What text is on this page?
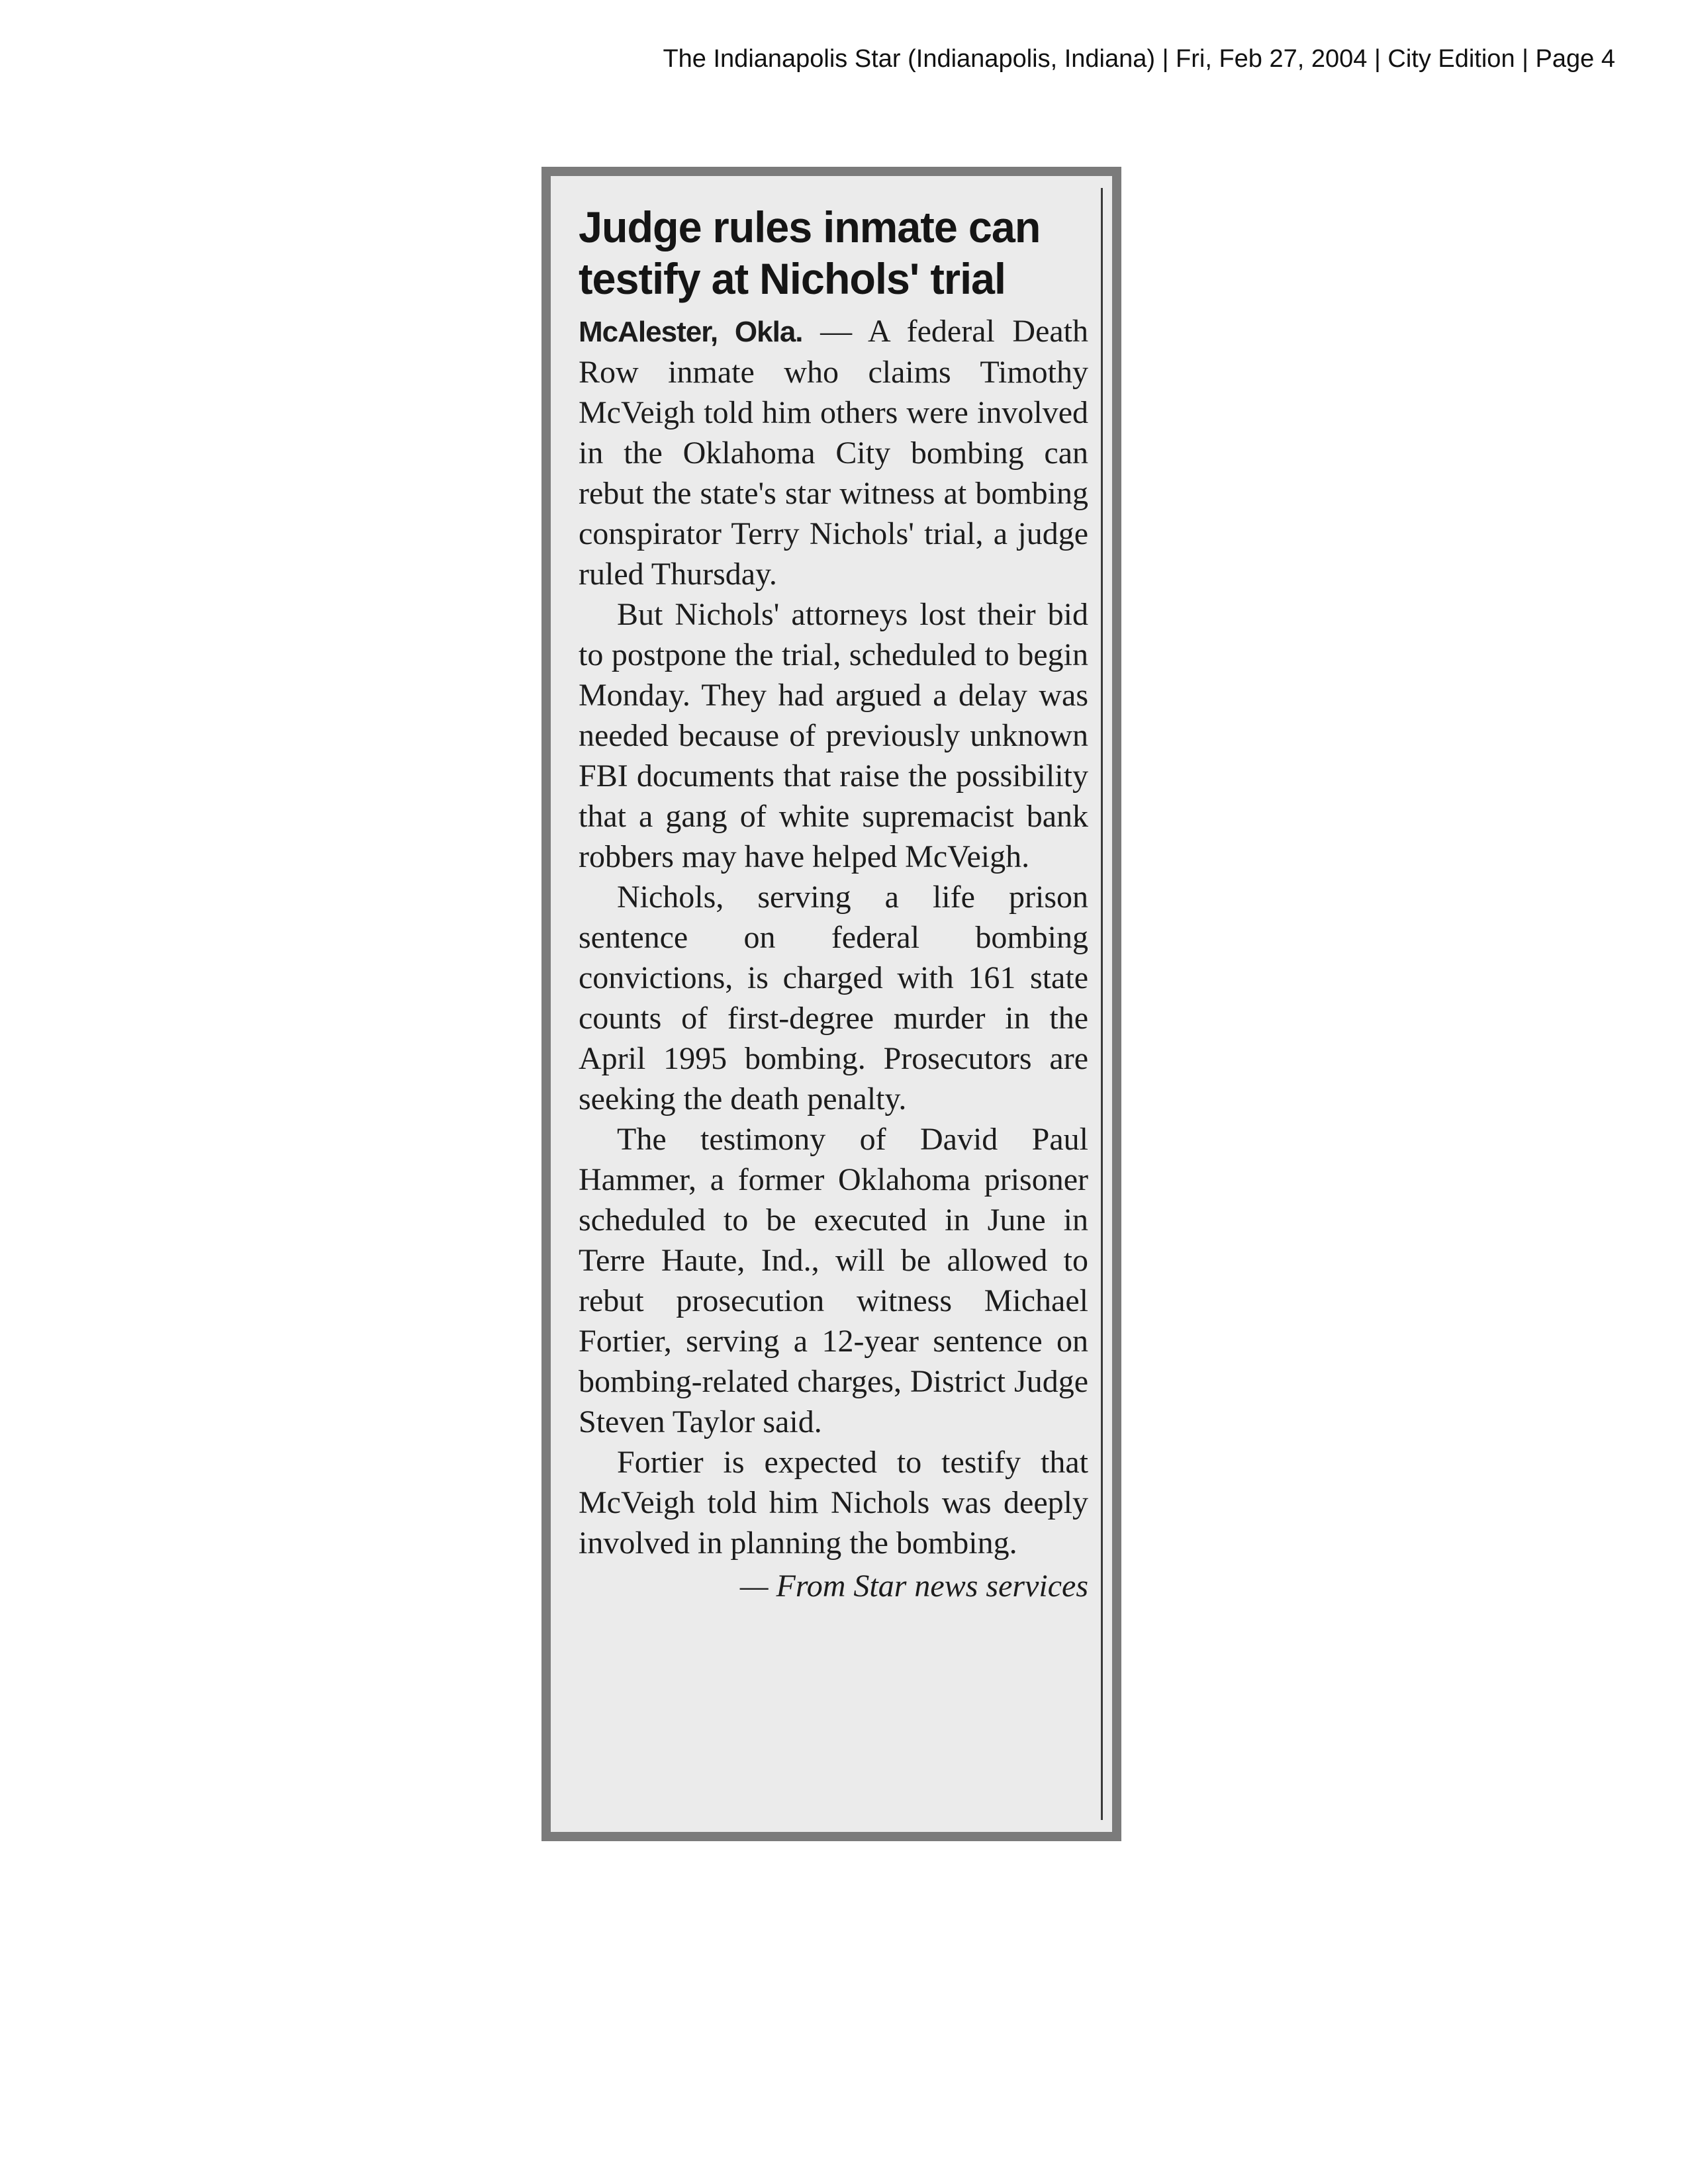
The Indianapolis Star (Indianapolis, Indiana) | Fri, Feb 27, 2004 | City Edition | Page 4
Judge rules inmate can testify at Nichols' trial

McAlester, Okla. — A federal Death Row inmate who claims Timothy McVeigh told him others were involved in the Oklahoma City bombing can rebut the state's star witness at bombing conspirator Terry Nichols' trial, a judge ruled Thursday.

But Nichols' attorneys lost their bid to postpone the trial, scheduled to begin Monday. They had argued a delay was needed because of previously unknown FBI documents that raise the possibility that a gang of white supremacist bank robbers may have helped McVeigh.

Nichols, serving a life prison sentence on federal bombing convictions, is charged with 161 state counts of first-degree murder in the April 1995 bombing. Prosecutors are seeking the death penalty.

The testimony of David Paul Hammer, a former Oklahoma prisoner scheduled to be executed in June in Terre Haute, Ind., will be allowed to rebut prosecution witness Michael Fortier, serving a 12-year sentence on bombing-related charges, District Judge Steven Taylor said.

Fortier is expected to testify that McVeigh told him Nichols was deeply involved in planning the bombing.

— From Star news services
